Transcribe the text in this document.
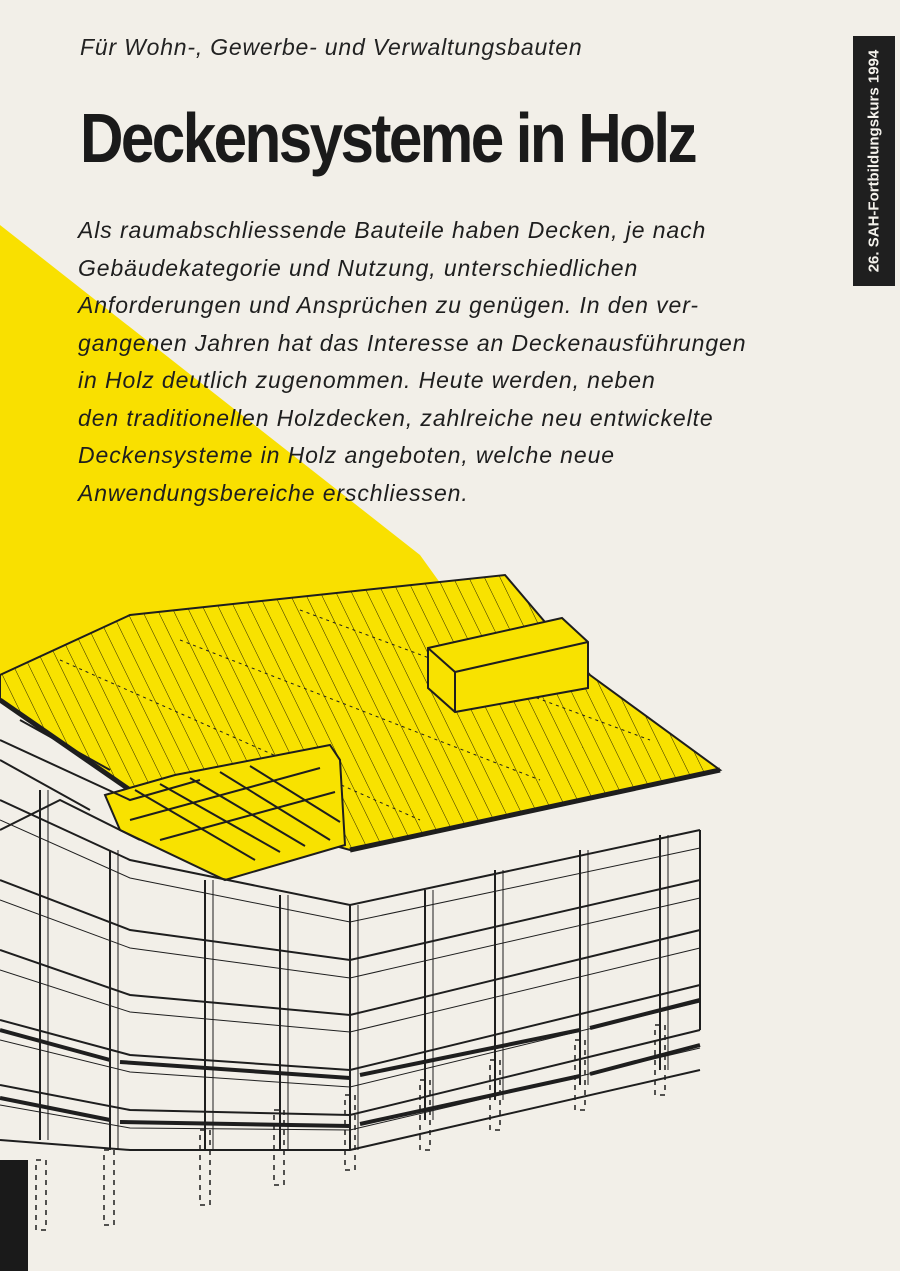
Für Wohn-, Gewerbe- und Verwaltungsbauten
Deckensysteme in Holz

Als raumabschliessende Bauteile haben Decken, je nach
Gebäudekategorie und Nutzung, unterschiedlichen
Anforderungen und Ansprüchen zu genügen. In den ver-
gangenen Jahren hat das Interesse an Deckenausführungen
in Holz deutlich zugenommen. Heute werden, neben
den traditionellen Holzdecken, zahlreiche neu entwickelte
Deckensysteme in Holz angeboten, welche neue
Anwendungsbereiche erschliessen.

26. SAH-Fortbildungskurs 1994
